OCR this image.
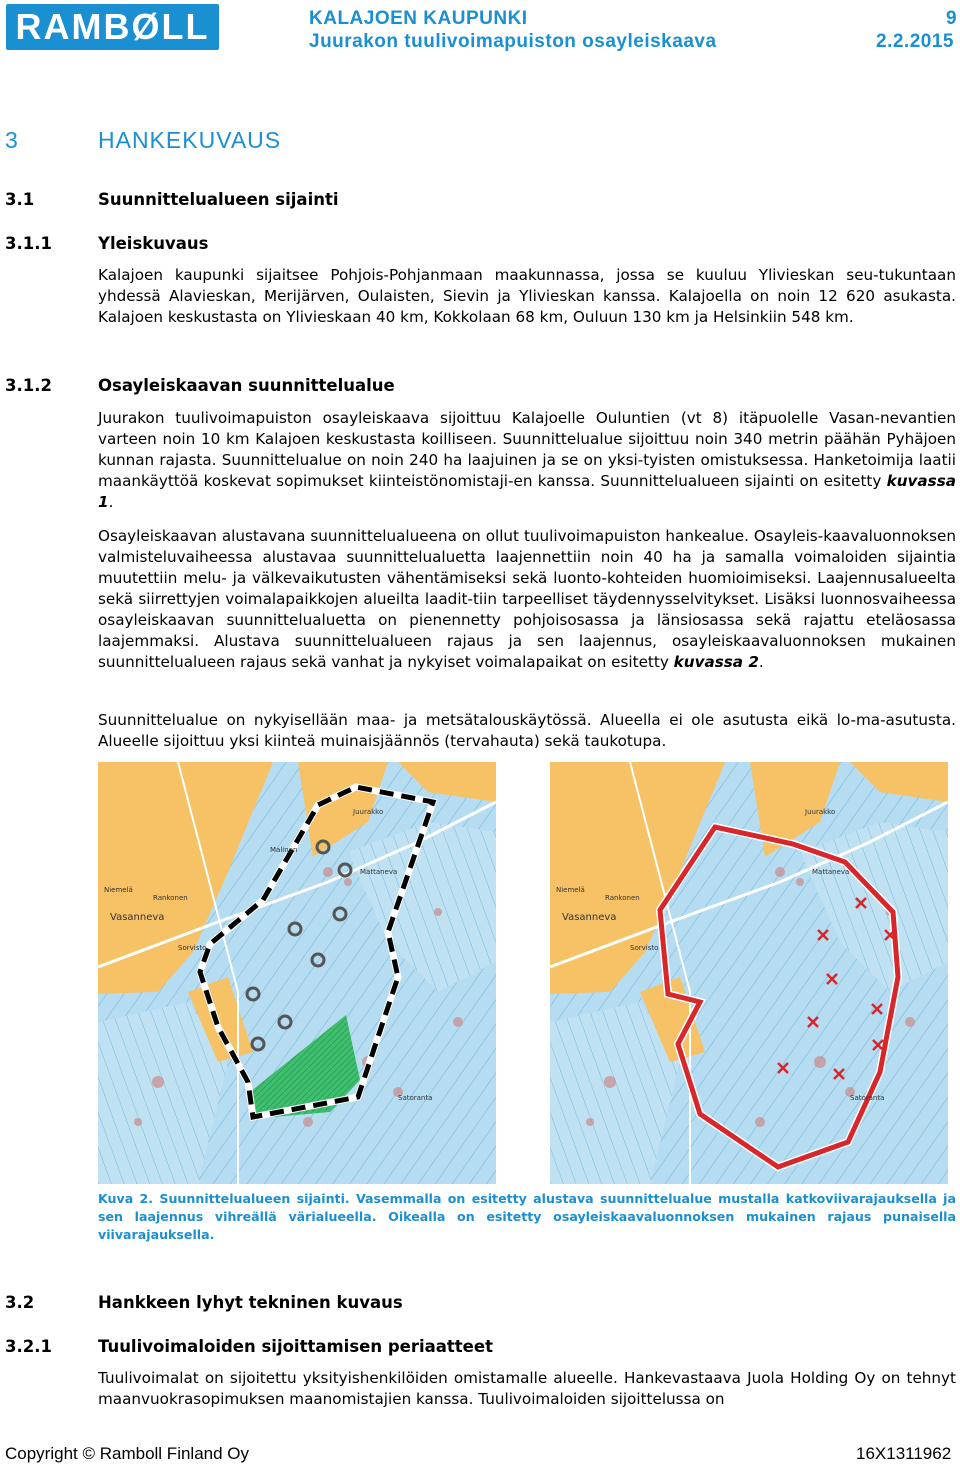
RAMBØLL	KALAJOEN KAUPUNKI
Juurakon tuulivoimapuiston osayleiskaava
9
2.2.2015
3	HANKEKUVAUS
3.1	Suunnittelualueen sijainti
3.1.1	Yleiskuvaus

Kalajoen kaupunki sijaitsee Pohjois-Pohjanmaan maakunnassa, jossa se kuuluu Ylivieskan seu-tukuntaan yhdessä Alavieskan, Merijärven, Oulaisten, Sievin ja Ylivieskan kanssa. Kalajoella on noin 12 620 asukasta. Kalajoen keskustasta on Ylivieskaan 40 km, Kokkolaan 68 km, Ouluun 130 km ja Helsinkiin 548 km.

3.1.2	Osayleiskaavan suunnittelualue

Juurakon tuulivoimapuiston osayleiskaava sijoittuu Kalajoelle Ouluntien (vt 8) itäpuolelle Vasan-nevantien varteen noin 10 km Kalajoen keskustasta koilliseen. Suunnittelualue sijoittuu noin 340 metrin päähän Pyhäjoen kunnan rajasta. Suunnittelualue on noin 240 ha laajuinen ja se on yksi-tyisten omistuksessa. Hanketoimija laatii maankäyttöä koskevat sopimukset kiinteistönomistaji-en kanssa. Suunnittelualueen sijainti on esitetty kuvassa 1.

Osayleiskaavan alustavana suunnittelualueena on ollut tuulivoimapuiston hankealue. Osayleis-kaavaluonnoksen valmisteluvaiheessa alustavaa suunnittelualuetta laajennettiin noin 40 ha ja samalla voimaloiden sijaintia muutettiin melu- ja välkevaikutusten vähentämiseksi sekä luonto-kohteiden huomioimiseksi. Laajennusalueelta sekä siirrettyjen voimalapaikkojen alueilta laadit-tiin tarpeelliset täydennysselvitykset. Lisäksi luonnosvaiheessa osayleiskaavan suunnittelualuetta on pienennetty pohjoisosassa ja länsiosassa sekä rajattu eteläosassa laajemmaksi. Alustava suunnittelualueen rajaus ja sen laajennus, osayleiskaavaluonnoksen mukainen suunnittelualueen rajaus sekä vanhat ja nykyiset voimalapaikat on esitetty kuvassa 2.

Suunnittelualue on nykyisellään maa- ja metsätalouskäytössä. Alueella ei ole asutusta eikä lo-ma-asutusta. Alueelle sijoittuu yksi kiinteä muinaisjäännös (tervahauta) sekä taukotupa.

Vasanneva
Niemelä
Rankonen
Sorvisto
Malinen
Mattaneva
Juurakko
Satoranta
Vasanneva
Niemelä
Rankonen
Sorvisto
Mattaneva
Juurakko
Satoranta

Kuva 2. Suunnittelualueen sijainti. Vasemmalla on esitetty alustava suunnittelualue mustalla katkoviivarajauksella ja sen laajennus vihreällä värialueella. Oikealla on esitetty osayleiskaavaluonnoksen mukainen rajaus punaisella viivarajauksella.

3.2	Hankkeen lyhyt tekninen kuvaus
3.2.1	Tuulivoimaloiden sijoittamisen periaatteet

Tuulivoimalat on sijoitettu yksityishenkilöiden omistamalle alueelle. Hankevastaava Juola Holding Oy on tehnyt maanvuokrasopimuksen maanomistajien kanssa. Tuulivoimaloiden sijoittelussa on

Copyright © Ramboll Finland Oy	16X1311962
